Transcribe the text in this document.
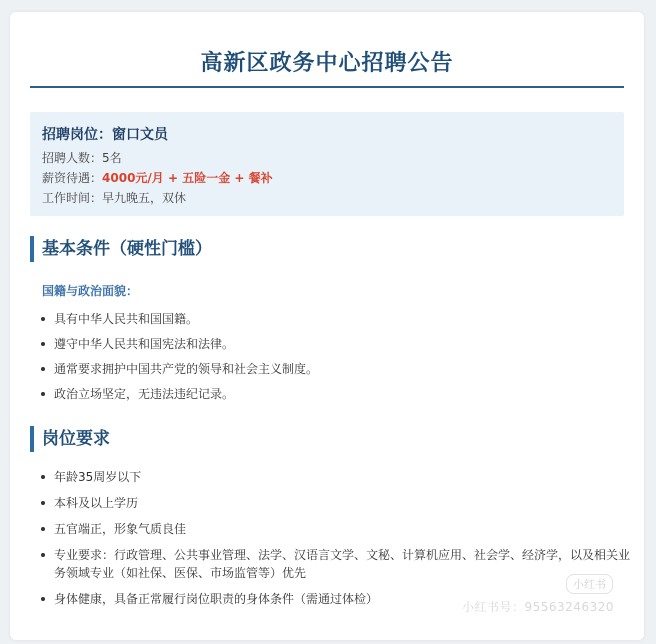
高新区政务中心招聘公告
招聘岗位：窗口文员
招聘人数：5名
薪资待遇：4000元/月 + 五险一金 + 餐补
工作时间：早九晚五，双休
基本条件（硬性门槛）
国籍与政治面貌：
具有中华人民共和国国籍。
遵守中华人民共和国宪法和法律。
通常要求拥护中国共产党的领导和社会主义制度。
政治立场坚定，无违法违纪记录。
岗位要求
年龄35周岁以下
本科及以上学历
五官端正，形象气质良佳
专业要求：行政管理、公共事业管理、法学、汉语言文学、文秘、计算机应用、社会学、经济学，以及相关业务领域专业（如社保、医保、市场监管等）优先
身体健康，具备正常履行岗位职责的身体条件（需通过体检）
小红书
小红书号：95563246320
